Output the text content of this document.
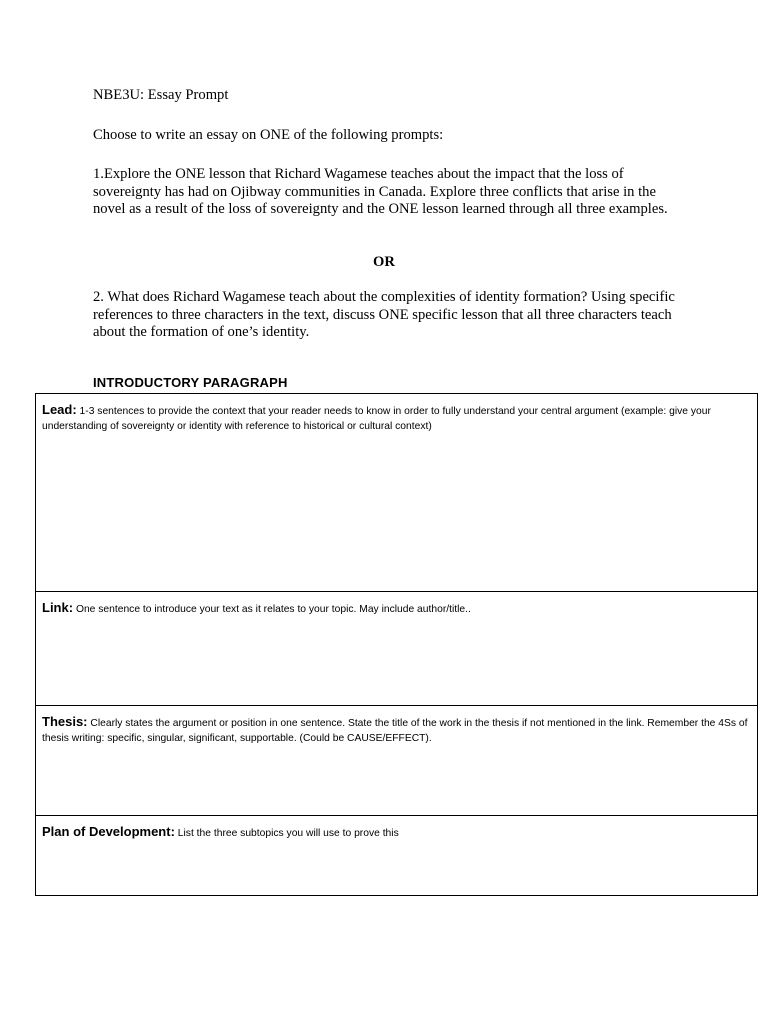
NBE3U: Essay Prompt

Choose to write an essay on ONE of the following prompts:

1.Explore the ONE lesson that Richard Wagamese teaches about the impact that the loss of sovereignty has had on Ojibway communities in Canada. Explore three conflicts that arise in the novel as a result of the loss of sovereignty and the ONE lesson learned through all three examples.

OR

2. What does Richard Wagamese teach about the complexities of identity formation? Using specific references to three characters in the text, discuss ONE specific lesson that all three characters teach about the formation of one’s identity.

INTRODUCTORY PARAGRAPH
Lead: 1-3 sentences to provide the context that your reader needs to know in order to fully understand your central argument (example: give your understanding of sovereignty or identity with reference to historical or cultural context)
Link: One sentence to introduce your text as it relates to your topic. May include author/title..
Thesis: Clearly states the argument or position in one sentence. State the title of the work in the thesis if not mentioned in the link. Remember the 4Ss of thesis writing: specific, singular, significant, supportable. (Could be CAUSE/EFFECT).
Plan of Development: List the three subtopics you will use to prove this
